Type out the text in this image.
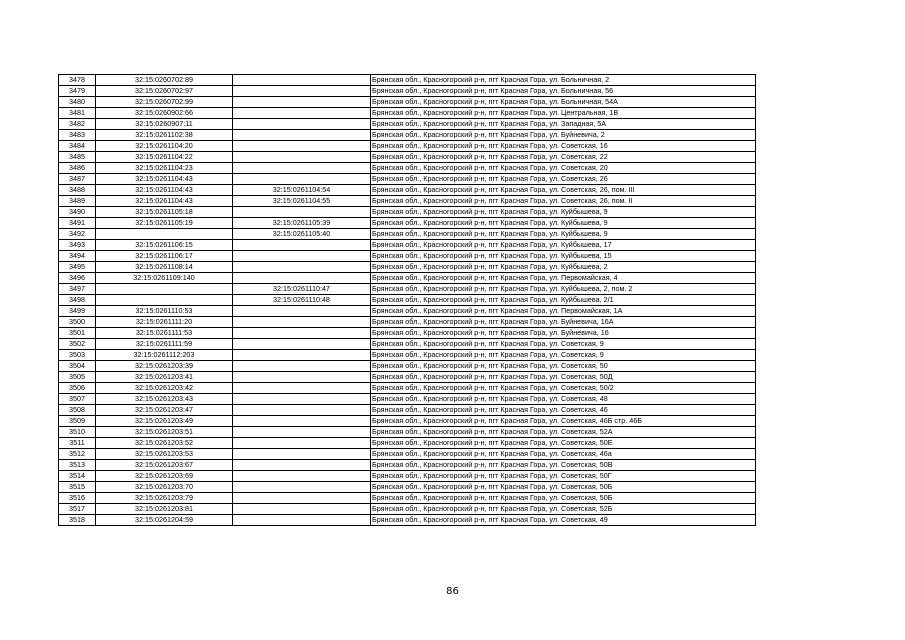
3478	32:15:0260702:89		Брянская обл., Красногорский р-н, пгт Красная Гора, ул. Больничная, 2
3479	32:15:0260702:97		Брянская обл., Красногорский р-н, пгт Красная Гора, ул. Больничная, 56
3480	32:15:0260702:99		Брянская обл., Красногорский р-н, пгт Красная Гора, ул. Больничная, 54А
3481	32:15:0260902:66		Брянская обл., Красногорский р-н, пгт Красная Гора, ул. Центральная, 1В
3482	32:15:0260907:11		Брянская обл., Красногорский р-н, пгт Красная Гора, ул. Западная, 5А
3483	32:15:0261102:38		Брянская обл., Красногорский р-н, пгт Красная Гора, ул. Буйневича, 2
3484	32:15:0261104:20		Брянская обл., Красногорский р-н, пгт Красная Гора, ул. Советская, 16
3485	32:15:0261104:22		Брянская обл., Красногорский р-н, пгт Красная Гора, ул. Советская, 22
3486	32:15:0261104:23		Брянская обл., Красногорский р-н, пгт Красная Гора, ул. Советская, 20
3487	32:15:0261104:43		Брянская обл., Красногорский р-н, пгт Красная Гора, ул. Советская, 26
3488	32:15:0261104:43	32:15:0261104:54	Брянская обл., Красногорский р-н, пгт Красная Гора, ул. Советская, 26, пом. III
3489	32:15:0261104:43	32:15:0261104:55	Брянская обл., Красногорский р-н, пгт Красная Гора, ул. Советская, 26, пом. II
3490	32:15:0261105:18		Брянская обл., Красногорский р-н, пгт Красная Гора, ул. Куйбышева, 9
3491	32:15:0261105:19	32:15:0261105:39	Брянская обл., Красногорский р-н, пгт Красная Гора, ул. Куйбышева, 9
3492		32:15:0261105:40	Брянская обл., Красногорский р-н, пгт Красная Гора, ул. Куйбышева, 9
3493	32:15:0261106:15		Брянская обл., Красногорский р-н, пгт Красная Гора, ул. Куйбышева, 17
3494	32:15:0261106:17		Брянская обл., Красногорский р-н, пгт Красная Гора, ул. Куйбышева, 15
3495	32:15:0261108:14		Брянская обл., Красногорский р-н, пгт Красная Гора, ул. Куйбышева, 2
3496	32:15:0261109:140		Брянская обл., Красногорский р-н, пгт Красная Гора, ул. Первомайская, 4
3497		32:15:0261110:47	Брянская обл., Красногорский р-н, пгт Красная Гора, ул. Куйбышева, 2, пом. 2
3498		32:15:0261110:48	Брянская обл., Красногорский р-н, пгт Красная Гора, ул. Куйбышева, 2/1
3499	32:15:0261110:53		Брянская обл., Красногорский р-н, пгт Красная Гора, ул. Первомайская, 1А
3500	32:15:0261111:20		Брянская обл., Красногорский р-н, пгт Красная Гора, ул. Буйневича, 16А
3501	32:15:0261111:53		Брянская обл., Красногорский р-н, пгт Красная Гора, ул. Буйневича, 16
3502	32:15:0261111:59		Брянская обл., Красногорский р-н, пгт Красная Гора, ул. Советская, 9
3503	32:15:0261112:203		Брянская обл., Красногорский р-н, пгт Красная Гора, ул. Советская, 9
3504	32:15:0261203:39		Брянская обл., Красногорский р-н, пгт Красная Гора, ул. Советская, 50
3505	32:15:0261203:41		Брянская обл., Красногорский р-н, пгт Красная Гора, ул. Советская, 50Д
3506	32:15:0261203:42		Брянская обл., Красногорский р-н, пгт Красная Гора, ул. Советская, 50/2
3507	32:15:0261203:43		Брянская обл., Красногорский р-н, пгт Красная Гора, ул. Советская, 48
3508	32:15:0261203:47		Брянская обл., Красногорский р-н, пгт Красная Гора, ул. Советская, 46
3509	32:15:0261203:49		Брянская обл., Красногорский р-н, пгт Красная Гора, ул. Советская, 46Б стр. 46Б
3510	32:15:0261203:51		Брянская обл., Красногорский р-н, пгт Красная Гора, ул. Советская, 52А
3511	32:15:0261203:52		Брянская обл., Красногорский р-н, пгт Красная Гора, ул. Советская, 50Е
3512	32:15:0261203:53		Брянская обл., Красногорский р-н, пгт Красная Гора, ул. Советская, 46а
3513	32:15:0261203:67		Брянская обл., Красногорский р-н, пгт Красная Гора, ул. Советская, 50В
3514	32:15:0261203:69		Брянская обл., Красногорский р-н, пгт Красная Гора, ул. Советская, 50Г
3515	32:15:0261203:70		Брянская обл., Красногорский р-н, пгт Красная Гора, ул. Советская, 50Б
3516	32:15:0261203:79		Брянская обл., Красногорский р-н, пгт Красная Гора, ул. Советская, 50Б
3517	32:15:0261203:81		Брянская обл., Красногорский р-н, пгт Красная Гора, ул. Советская, 52Б
3518	32:15:0261204:59		Брянская обл., Красногорский р-н, пгт Красная Гора, ул. Советская, 49
86
